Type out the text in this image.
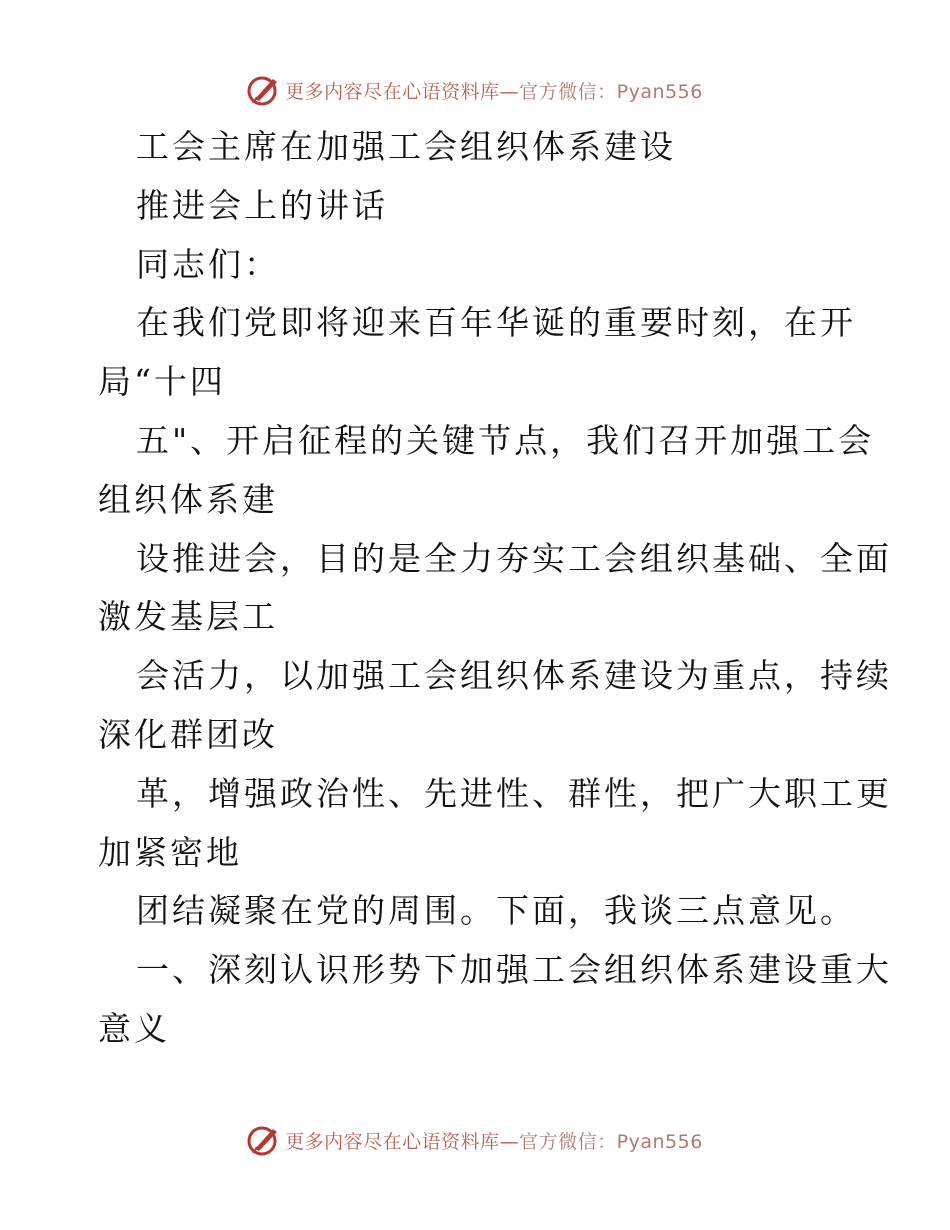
更多内容尽在心语资料库—官方微信：Pyan556

工会主席在加强工会组织体系建设

推进会上的讲话

同志们：

在我们党即将迎来百年华诞的重要时刻，在开

局“十四

五"、开启征程的关键节点，我们召开加强工会

组织体系建

设推进会，目的是全力夯实工会组织基础、全面

激发基层工

会活力，以加强工会组织体系建设为重点，持续

深化群团改

革，增强政治性、先进性、群性，把广大职工更

加紧密地

团结凝聚在党的周围。下面，我谈三点意见。

一、深刻认识形势下加强工会组织体系建设重大

意义

更多内容尽在心语资料库—官方微信：Pyan556
